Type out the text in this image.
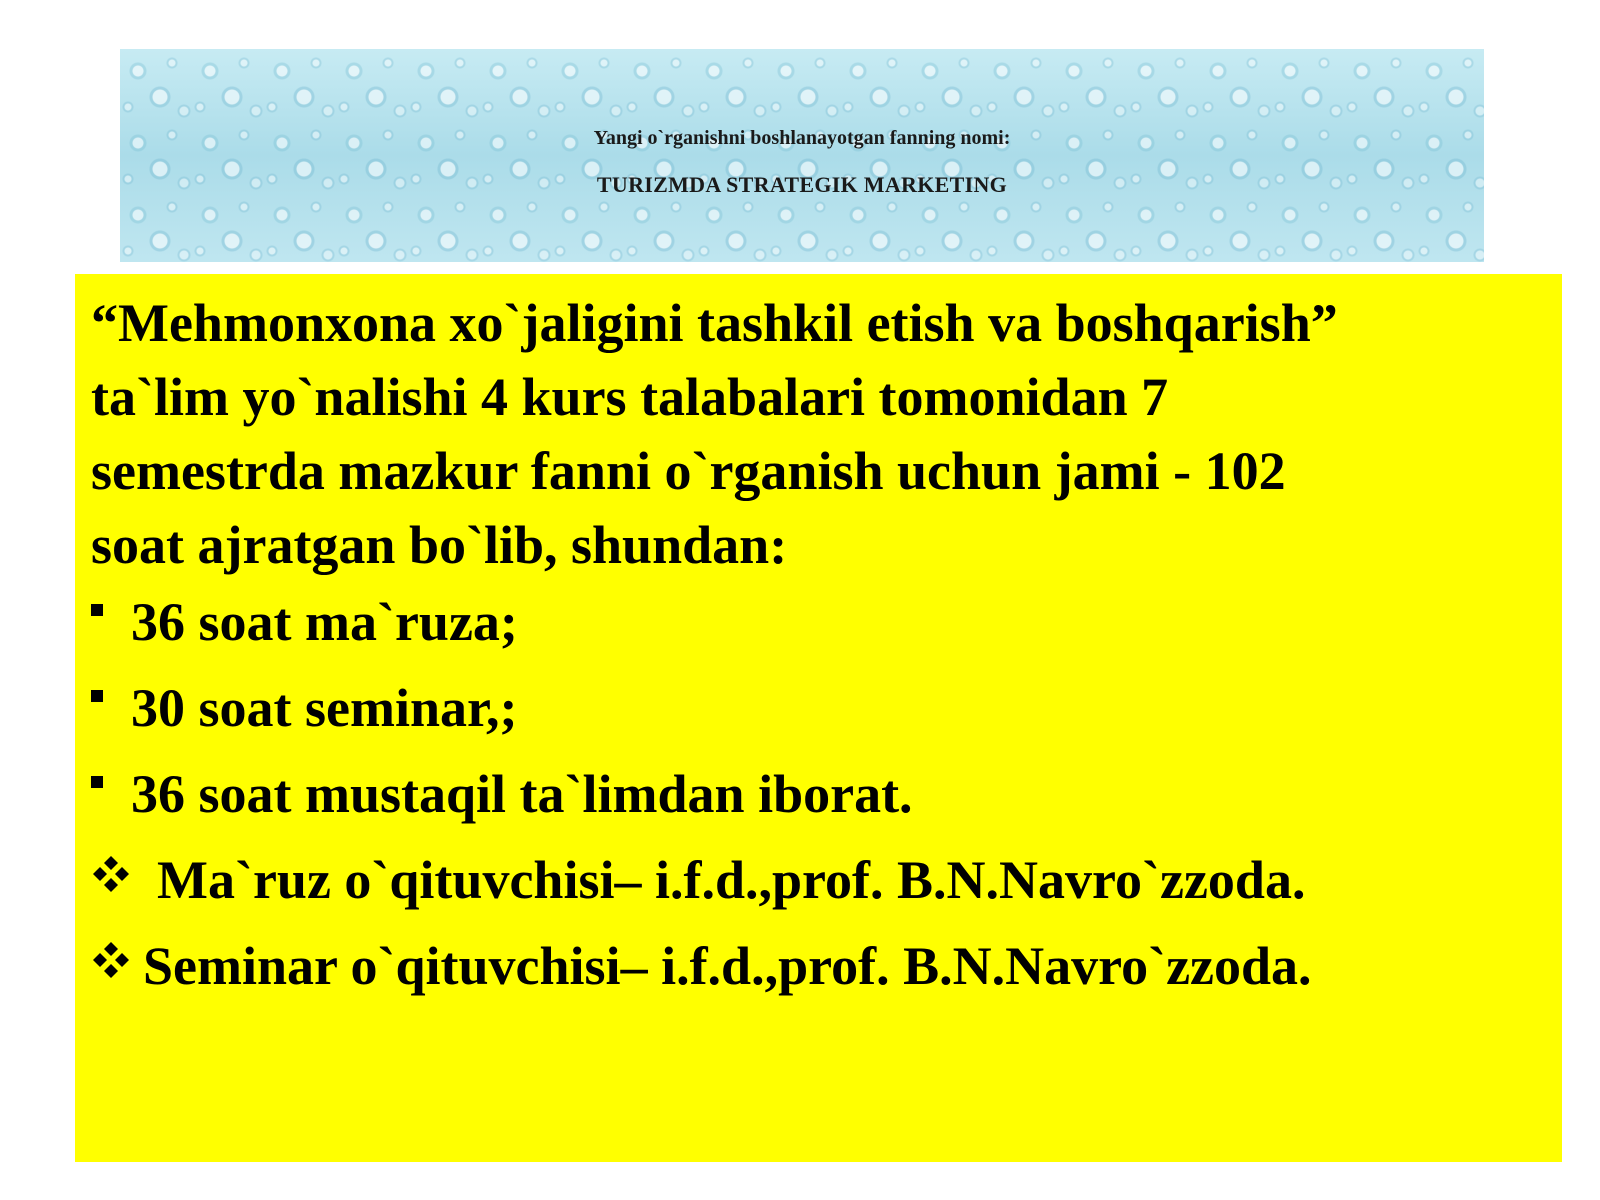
Yangi o`rganishni boshlanayotgan fanning nomi:
TURIZMDA STRATEGIK MARKETING

“Mehmonxona xo`jaligini tashkil etish va boshqarish”
ta`lim yo`nalishi 4 kurs talabalari tomonidan 7
semestrda mazkur fanni o`rganish uchun jami - 102
soat ajratgan bo`lib, shundan:

36 soat ma`ruza;
30 soat seminar,;
36 soat mustaqil ta`limdan iborat.
Ma`ruz o`qituvchisi– i.f.d.,prof. B.N.Navro`zzoda.
Seminar o`qituvchisi– i.f.d.,prof. B.N.Navro`zzoda.
